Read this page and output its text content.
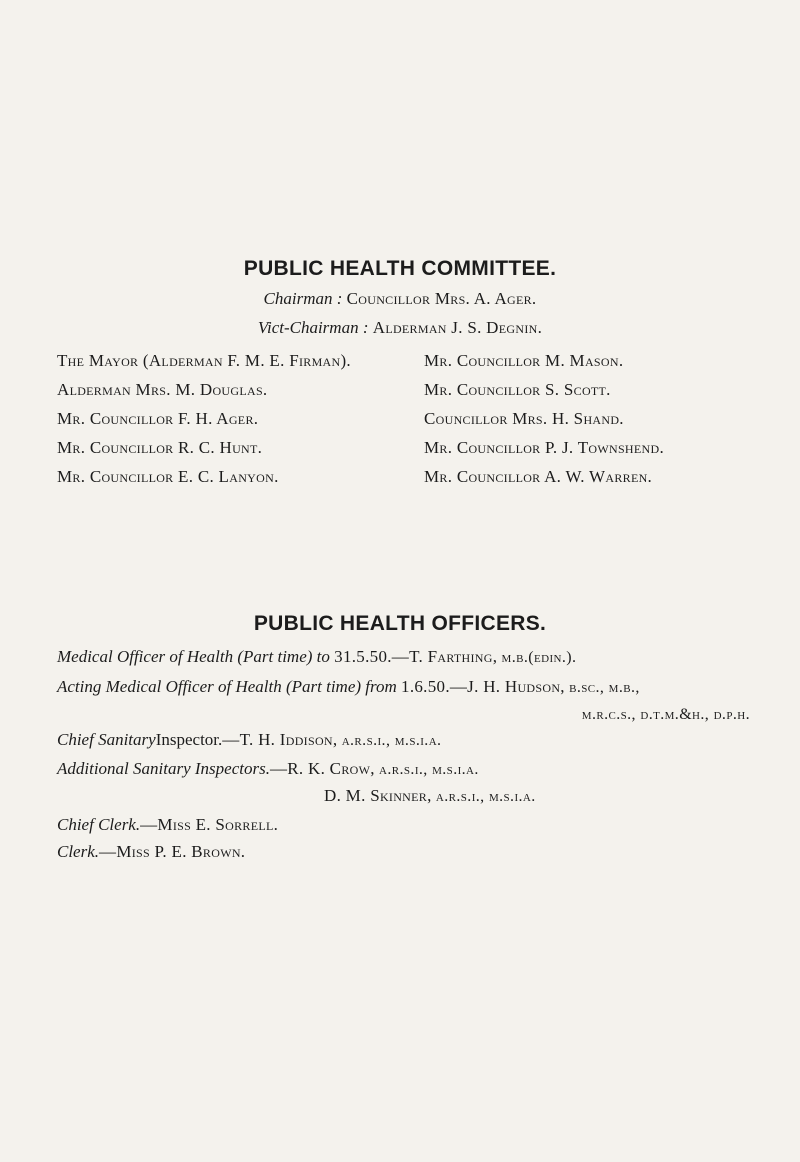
PUBLIC HEALTH COMMITTEE.
Chairman : Councillor Mrs. A. Ager.
Vict-Chairman : Alderman J. S. Degnin.
The Mayor (Alderman F. M. E. Firman).
Alderman Mrs. M. Douglas.
Mr. Councillor F. H. Ager.
Mr. Councillor R. C. Hunt.
Mr. Councillor E. C. Lanyon.
Mr. Councillor M. Mason.
Mr. Councillor S. Scott.
Councillor Mrs. H. Shand.
Mr. Councillor P. J. Townshend.
Mr. Councillor A. W. Warren.
PUBLIC HEALTH OFFICERS.
Medical Officer of Health (Part time) to 31.5.50.—T. Farthing, m.b.(edin.).
Acting Medical Officer of Health (Part time) from 1.6.50.—J. H. Hudson, b.sc., m.b.,
m.r.c.s., d.t.m.&h., d.p.h.
Chief SanitaryInspector.—T. H. Iddison, a.r.s.i., m.s.i.a.
Additional Sanitary Inspectors.—R. K. Crow, a.r.s.i., m.s.i.a.
D. M. Skinner, a.r.s.i., m.s.i.a.
Chief Clerk.—Miss E. Sorrell.
Clerk.—Miss P. E. Brown.
